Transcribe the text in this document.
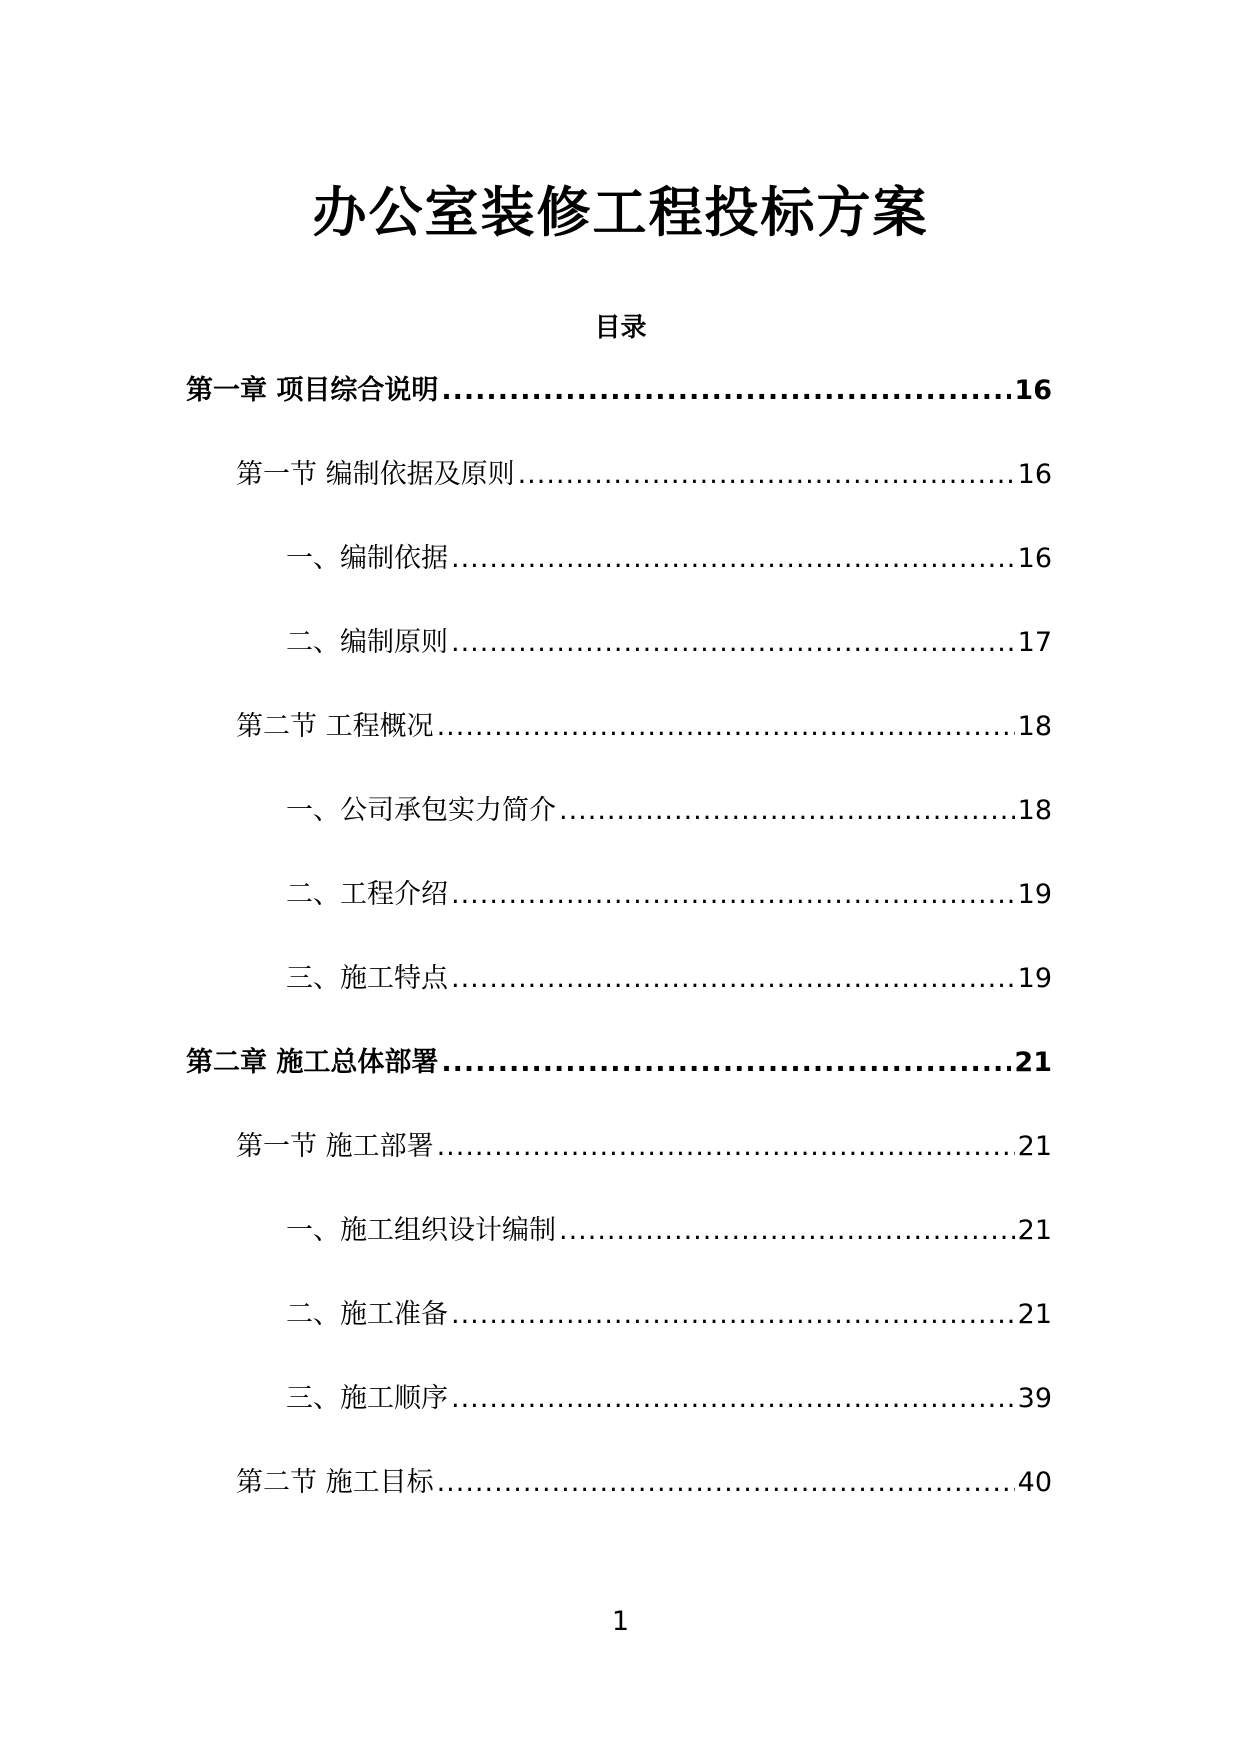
办公室装修工程投标方案
目录
第一章 项目综合说明 .....	16
第一节 编制依据及原则 .....	16
一、编制依据 .....	16
二、编制原则 .....	17
第二节 工程概况 .....	18
一、公司承包实力简介 .....	18
二、工程介绍 .....	19
三、施工特点 .....	19
第二章 施工总体部署 .....	21
第一节 施工部署 .....	21
一、施工组织设计编制 .....	21
二、施工准备 .....	21
三、施工顺序 .....	39
第二节 施工目标 .....	40
1
